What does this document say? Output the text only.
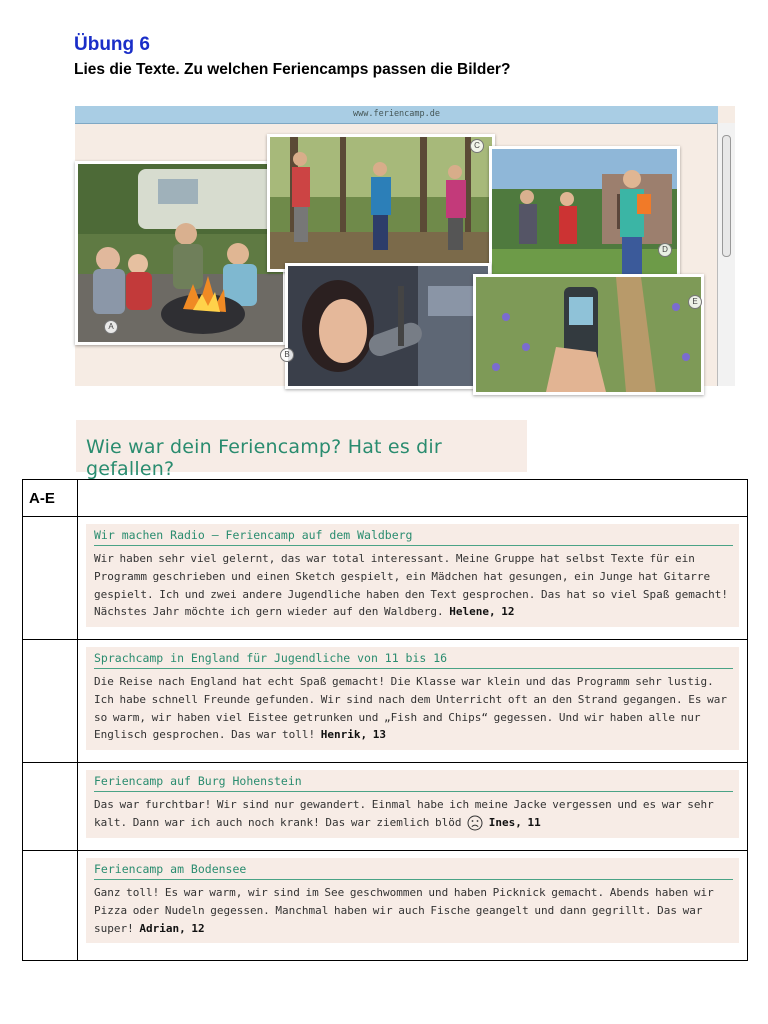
Übung 6
Lies die Texte. Zu welchen Feriencamps passen die Bilder?
www.feriencamp.de
A
C
D
B
E
Wie war dein Feriencamp? Hat es dir gefallen?
A-E	

	Wir machen Radio – Feriencamp auf dem Waldberg
Wir haben sehr viel gelernt, das war total interessant. Meine Gruppe hat selbst Texte für ein Programm geschrieben und einen Sketch gespielt, ein Mädchen hat gesungen, ein Junge hat Gitarre gespielt. Ich und zwei andere Jugendliche haben den Text gesprochen. Das hat so viel Spaß gemacht! Nächstes Jahr möchte ich gern wieder auf den Waldberg. Helene, 12

	Sprachcamp in England für Jugendliche von 11 bis 16
Die Reise nach England hat echt Spaß gemacht! Die Klasse war klein und das Programm sehr lustig. Ich habe schnell Freunde gefunden. Wir sind nach dem Unterricht oft an den Strand gegangen. Es war so warm, wir haben viel Eistee getrunken und „Fish and Chips“ gegessen. Und wir haben alle nur Englisch gesprochen. Das war toll! Henrik, 13

	Feriencamp auf Burg Hohenstein
Das war furchtbar! Wir sind nur gewandert. Einmal habe ich meine Jacke vergessen und es war sehr kalt. Dann war ich auch noch krank! Das war ziemlich blöd Ines, 11

	Feriencamp am Bodensee
Ganz toll! Es war warm, wir sind im See geschwommen und haben Picknick gemacht. Abends haben wir Pizza oder Nudeln gegessen. Manchmal haben wir auch Fische geangelt und dann gegrillt. Das war super! Adrian, 12
